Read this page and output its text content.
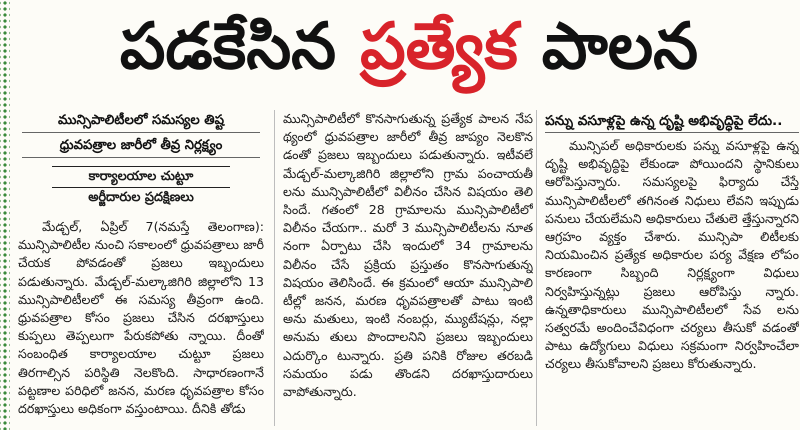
పడకేసిన ప్రత్యేక పాలన
మున్సిపాలిటీలలో సమస్యల తిష్ట
ధ్రువపత్రాల జారీలో తీవ్ర నిర్లక్ష్యం
కార్యాలయాల చుట్టూ
అర్జీదారుల ప్రదక్షిణలు

మేడ్చల్, ఏప్రిల్ 7(నమస్తే తెలంగాణ): మున్సిపాలిటీల నుంచి సకాలంలో ధ్రువపత్రాలు జారీ చేయక పోవడంతో ప్రజలు ఇబ్బందులు పడుతున్నారు. మేడ్చల్-మల్కాజిగిరి జిల్లాలోని 13 మున్సిపాలిటీలలో ఈ సమస్య తీవ్రంగా ఉంది. ధ్రువపత్రాల కోసం ప్రజలు చేసిన దరఖాస్తులు కుప్పలు తెప్పలుగా పేరుకపోతు న్నాయి. దీంతో సంబంధిత కార్యాలయాల చుట్టూ ప్రజలు తిరగాల్సిన పరిస్థితి నెలకొంది. సాధారణంగానే పట్టణాల పరిధిలో జనన, మరణ ధృవపత్రాల కోసం దరఖాస్తులు అధికంగా వస్తుంటాయి. దీనికి తోడు

మున్సిపాలిటీలో కొనసాగుతున్న ప్రత్యేక పాలన నేప థ్యంలో ధ్రువపత్రాల జారీలో తీవ్ర జాప్యం నెలకొన డంతో ప్రజలు ఇబ్బందులు పడుతున్నారు. ఇటీవలే మేడ్చల్-మల్కాజిగిరి జిల్లాలోని గ్రామ పంచాయతీ లను మున్సిపాలిటీలో విలీనం చేసిన విషయం తెలి సిందే. గతంలో 28 గ్రామాలను మున్సిపాలిటీలో విలీనం చేయగా.. మరో 3 మున్సిపాలిటీలను నూత నంగా ఏర్పాటు చేసి ఇందులో 34 గ్రామాలను విలీనం చేసే ప్రక్రియ ప్రస్తుతం కొనసాగుతున్న విషయం తెలిసిందే. ఈ క్రమంలో ఆయా మున్సిపాలి టీల్లో జనన, మరణ ధృవపత్రాలతో పాటు ఇంటి అను మతులు, ఇంటి నంబర్లు, మ్యుటేషన్లు, నల్లా అనుమ తులు పొందాలనిని ప్రజలు ఇబ్బందులు ఎదుర్కొం టున్నారు. ప్రతి పనికి రోజుల తరబడి సమయం పడు తొండని దరఖాస్తుదారులు వాపోతున్నారు.

పన్ను వసూళ్లపై ఉన్న దృష్టి అభివృద్ధిపై లేదు..

మున్సిపల్ అధికారులకు పన్ను వసూళ్లపై ఉన్న దృష్టి అభివృద్ధిపై లేకుండా పోయిందని స్థానికులు ఆరోపిస్తున్నారు. సమస్యలపై ఫిర్యాదు చేస్తే మున్సిపాలిటీలలో తగినంత నిధులు లేవని ఇప్పుడు పనులు చేయలేమని అధికారులు చేతులె త్తేస్తున్నారని ఆగ్రహం వ్యక్తం చేశారు. మున్సిపా లిటీలకు నియమించిన ప్రత్యేక అధికారుల పర్య వేక్షణ లోపం కారణంగా సిబ్బంది నిర్లక్ష్యంగా విధులు నిర్వహిస్తున్నట్లు ప్రజలు ఆరోపిస్తు న్నారు. ఉన్నతాధికారులు మున్సిపాలిటీలలో సేవ లను సత్వరమే అందించేవిధంగా చర్యలు తీసుకో వడంతో పాటు ఉద్యోగులు విధులు సక్రమంగా నిర్వహించేలా చర్యలు తీసుకోవాలని ప్రజలు కోరుతున్నారు.
